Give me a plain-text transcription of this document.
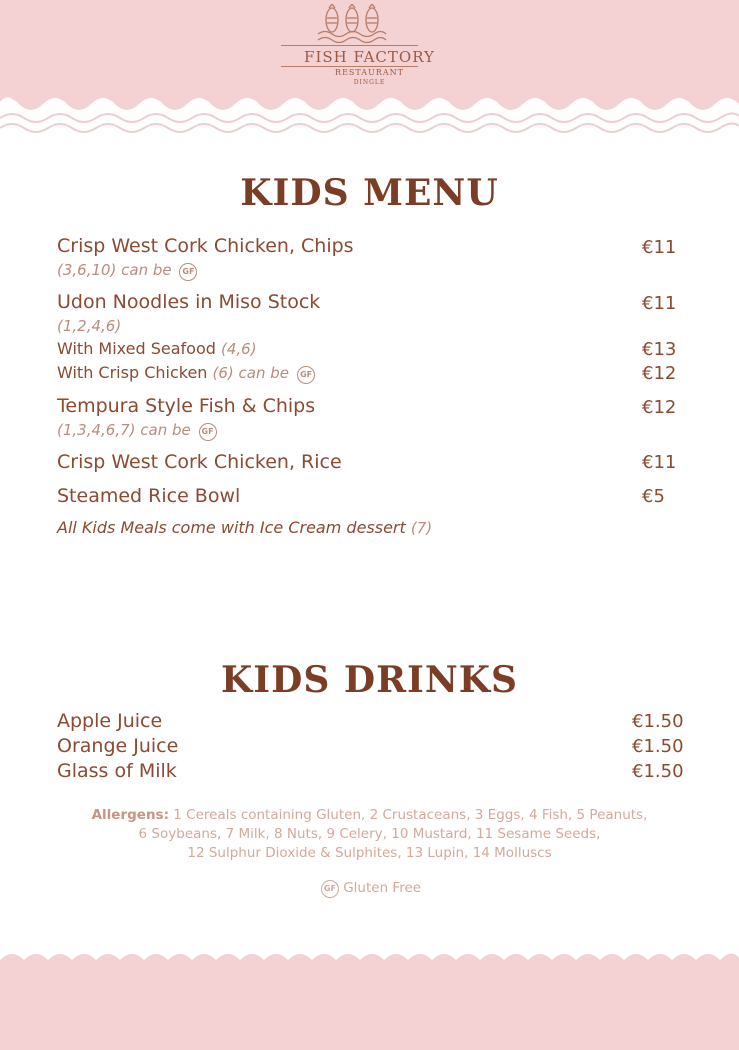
FISH FACTORY
RESTAURANT
DINGLE
KIDS MENU
Crisp West Cork Chicken, Chips	€11
(3,6,10) can be GF
Udon Noodles in Miso Stock	€11
(1,2,4,6)
With Mixed Seafood (4,6)	€13
With Crisp Chicken (6) can be GF	€12
Tempura Style Fish & Chips	€12
(1,3,4,6,7) can be GF
Crisp West Cork Chicken, Rice	€11
Steamed Rice Bowl	€5
All Kids Meals come with Ice Cream dessert (7)
KIDS DRINKS
Apple Juice	€1.50
Orange Juice	€1.50
Glass of Milk	€1.50
Allergens: 1 Cereals containing Gluten, 2 Crustaceans, 3 Eggs, 4 Fish, 5 Peanuts,
6 Soybeans, 7 Milk, 8 Nuts, 9 Celery, 10 Mustard, 11 Sesame Seeds,
12 Sulphur Dioxide & Sulphites, 13 Lupin, 14 Molluscs
GF Gluten Free
